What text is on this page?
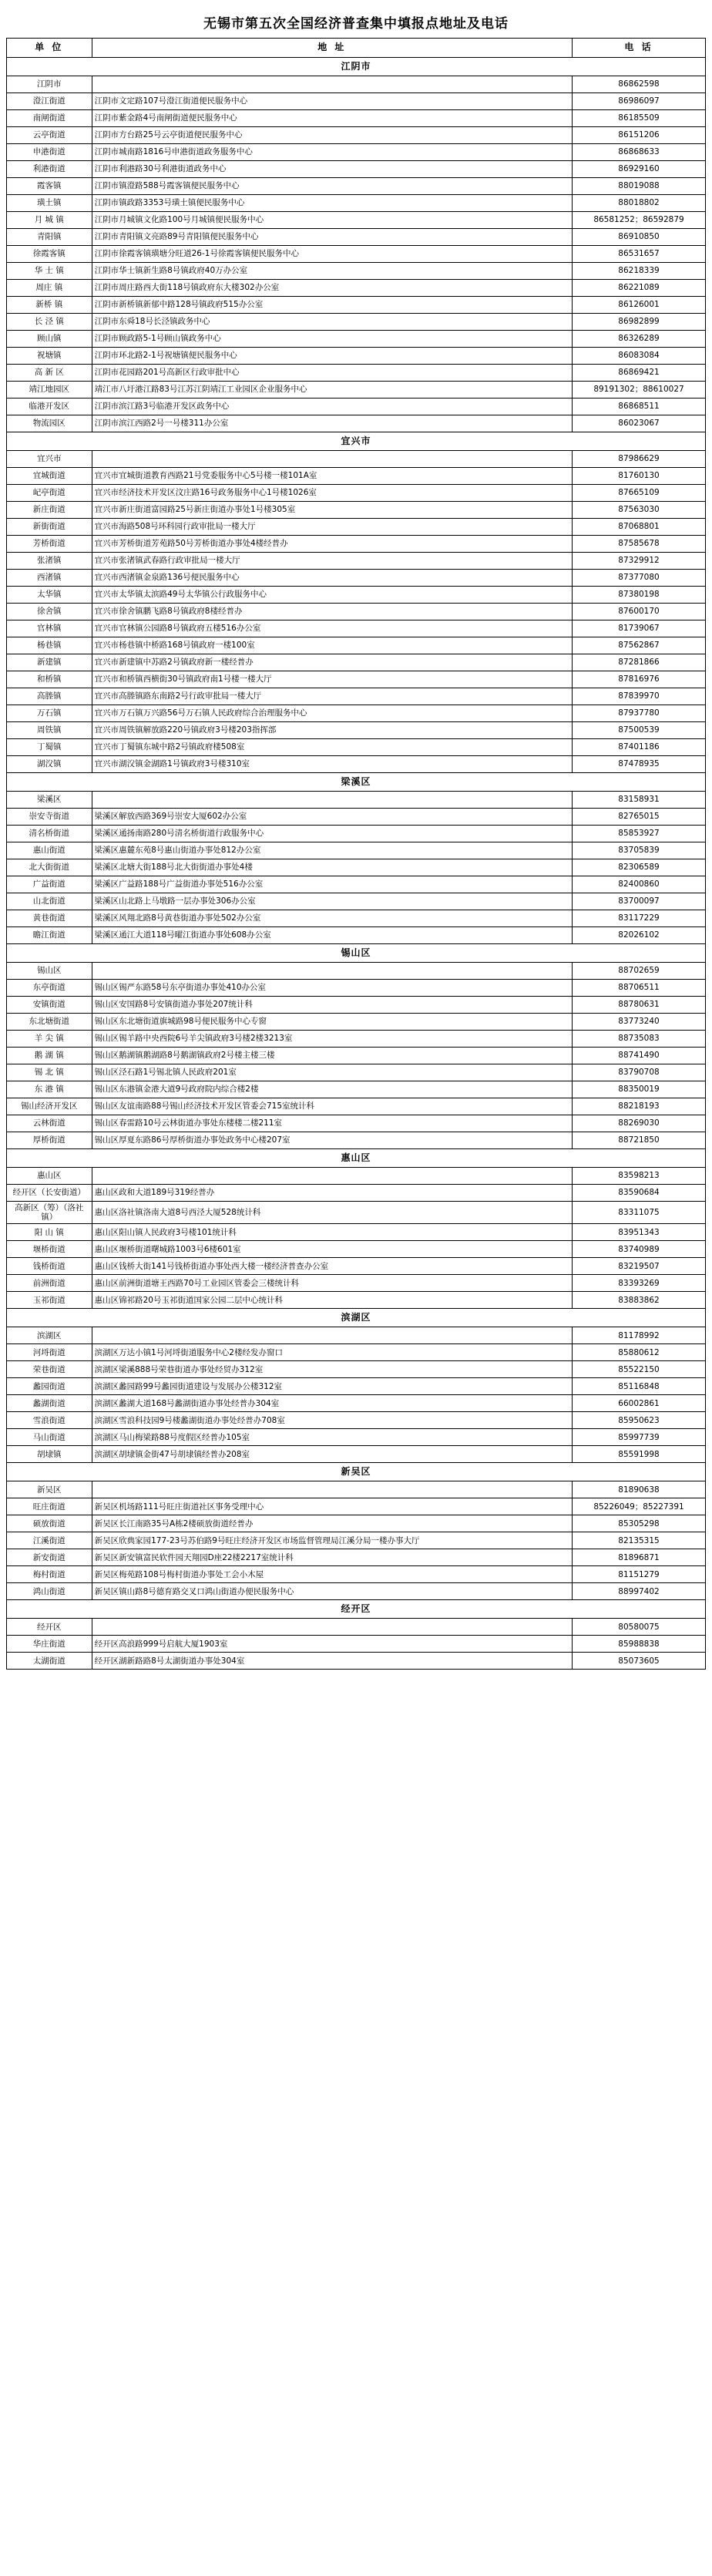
无锡市第五次全国经济普查集中填报点地址及电话
单 位	地 址	电 话
江阴市		
江阴市		86862598
澄江街道	江阴市文定路107号澄江街道便民服务中心	86986097
南闸街道	江阴市紫金路4号南闸街道便民服务中心	86185509
云亭街道	江阴市方台路25号云亭街道便民服务中心	86151206
申港街道	江阴市城南路1816号申港街道政务服务中心	86868633
利港街道	江阴市利港路30号利港街道政务中心	86929160
霞客镇	江阴市镇澄路588号霞客镇便民服务中心	88019088
璜土镇	江阴市镇政路3353号璜土镇便民服务中心	88018802
月 城 镇	江阴市月城镇文化路100号月城镇便民服务中心	86581252；86592879
青阳镇	江阴市青阳镇文亮路89号青阳镇便民服务中心	86910850
徐霞客镇	江阴市徐霞客镇璜塘分旺道26-1号徐霞客镇便民服务中心	86531657
华 士 镇	江阴市华士镇新生路8号镇政府40万办公室	86218339
周庄 镇	江阴市周庄路西大街118号镇政府东大楼302办公室	86221089
新桥 镇	江阴市新桥镇新郁中路128号镇政府515办公室	86126001
长 泾 镇	江阴市东舜18号长泾镇政务中心	86982899
顾山镇	江阴市顾政路5-1号顾山镇政务中心	86326289
祝塘镇	江阴市环北路2-1号祝塘镇便民服务中心	86083084
高 新 区	江阴市花园路201号高新区行政审批中心	86869421
靖江地园区	靖江市八圩港江路83号江苏江阴靖江工业园区企业服务中心	89191302；88610027
临港开发区	江阴市滨江路3号临港开发区政务中心	86868511
物流园区	江阴市滨江西路2号一号楼311办公室	86023067
宜兴市		
宜兴市		87986629
宜城街道	宜兴市宜城街道教育西路21号党委服务中心5号楼一楼101A室	81760130
屺亭街道	宜兴市经济技术开发区汶庄路16号政务服务中心1号楼1026室	87665109
新庄街道	宜兴市新庄街道富园路25号新庄街道办事处1号楼305室	87563030
新街街道	宜兴市海路508号环科园行政审批局一楼大厅	87068801
芳桥街道	宜兴市芳桥街道芳苑路50号芳桥街道办事处4楼经普办	87585678
张渚镇	宜兴市张渚镇武春路行政审批局一楼大厅	87329912
西渚镇	宜兴市西渚镇金泉路136号便民服务中心	87377080
太华镇	宜兴市太华镇太滨路49号太华镇公行政服务中心	87380198
徐舍镇	宜兴市徐舍镇鹏飞路8号镇政府8楼经普办	87600170
官林镇	宜兴市官林镇公园路8号镇政府五楼516办公室	81739067
杨巷镇	宜兴市杨巷镇中桥路168号镇政府一楼100室	87562867
新建镇	宜兴市新建镇中苏路2号镇政府新一楼经普办	87281866
和桥镇	宜兴市和桥镇西横街30号镇政府南1号楼一楼大厅	87816976
高塍镇	宜兴市高塍镇路东南路2号行政审批局一楼大厅	87839970
万石镇	宜兴市万石镇万兴路56号万石镇人民政府综合治理服务中心	87937780
周铁镇	宜兴市周铁镇解放路220号镇政府3号楼203指挥部	87500539
丁蜀镇	宜兴市丁蜀镇东城中路2号镇政府楼508室	87401186
湖㳇镇	宜兴市湖㳇镇金湖路1号镇政府3号楼310室	87478935
梁溪区		
梁溪区		83158931
崇安寺街道	梁溪区解放西路369号崇安大厦602办公室	82765015
清名桥街道	梁溪区通扬南路280号清名桥街道行政服务中心	85853927
惠山街道	梁溪区惠麓东苑8号惠山街道办事处812办公室	83705839
北大街街道	梁溪区北塘大街188号北大街街道办事处4楼	82306589
广益街道	梁溪区广益路188号广益街道办事处516办公室	82400860
山北街道	梁溪区山北路上马墩路一层办事处306办公室	83700097
黄巷街道	梁溪区风翔北路8号黄巷街道办事处502办公室	83117229
瞻江街道	梁溪区通江大道118号曜江街道办事处608办公室	82026102
锡山区		
锡山区		88702659
东亭街道	锡山区锡严东路58号东亭街道办事处410办公室	88706511
安镇街道	锡山区安国路8号安镇街道办事处207统计科	88780631
东北塘街道	锡山区东北塘街道旗城路98号便民服务中心专窗	83773240
羊 尖 镇	锡山区锡羊路中央西院6号羊尖镇政府3号楼2楼3213室	88735083
鹅 湖 镇	锡山区鹅湖镇鹅湖路8号鹅湖镇政府2号楼主楼三楼	88741490
锡 北 镇	锡山区泾石路1号锡北镇人民政府201室	83790708
东 港 镇	锡山区东港镇金港大道9号政府院内综合楼2楼	88350019
锡山经济开发区	锡山区友谊南路88号锡山经济技术开发区管委会715室统计科	88218193
云林街道	锡山区春雷路10号云林街道办事处东楼楼二楼211室	88269030
厚桥街道	锡山区厚夏东路86号厚桥街道办事处政务中心楼207室	88721850
惠山区		
惠山区		83598213
经开区（长安街道）	惠山区政和大道189号319经普办	83590684
高新区（筹）（洛社镇）	惠山区洛社镇洛南大道8号西泾大厦528统计科	83311075
阳 山 镇	惠山区阳山镇人民政府3号楼101统计科	83951343
堰桥街道	惠山区堰桥街道曙城路1003号6楼601室	83740989
钱桥街道	惠山区钱桥大街141号钱桥街道办事处西大楼一楼经济普查办公室	83219507
前洲街道	惠山区前洲街道塘王西路70号工业园区管委会三楼统计科	83393269
玉祁街道	惠山区锦祁路20号玉祁街道国家公园二层中心统计科	83883862
滨湖区		
滨湖区		81178992
河埒街道	滨湖区万达小镇1号河埒街道服务中心2楼经发办窗口	85880612
荣巷街道	滨湖区梁溪888号荣巷街道办事处经贸办312室	85522150
蠡园街道	滨湖区蠡园路99号蠡园街道建设与发展办公楼312室	85116848
蠡湖街道	滨湖区蠡湖大道168号蠡湖街道办事处经普办304室	66002861
雪浪街道	滨湖区雪浪科技园9号楼蠡湖街道办事处经普办708室	85950623
马山街道	滨湖区马山梅梁路88号度假区经普办105室	85997739
胡埭镇	滨湖区胡埭镇金街47号胡埭镇经普办208室	85591998
新吴区		
新吴区		81890638
旺庄街道	新吴区机场路111号旺庄街道社区事务受理中心	85226049；85227391
硕放街道	新吴区长江南路35号A栋2楼硕放街道经普办	85305298
江溪街道	新吴区欣典家园177-23号苏伯路9号旺庄经济开发区市场监督管理局江溪分局一楼办事大厅	82135315
新安街道	新吴区新安镇富民软件园天翔园D座22楼2217室统计科	81896871
梅村街道	新吴区梅苑路108号梅村街道办事处工会小木屋	81151279
鸿山街道	新吴区镇山路8号德育路交叉口鸿山街道办便民服务中心	88997402
经开区		
经开区		80580075
华庄街道	经开区高浪路999号启航大厦1903室	85988838
太湖街道	经开区湖新路路8号太湖街道办事处304室	85073605
